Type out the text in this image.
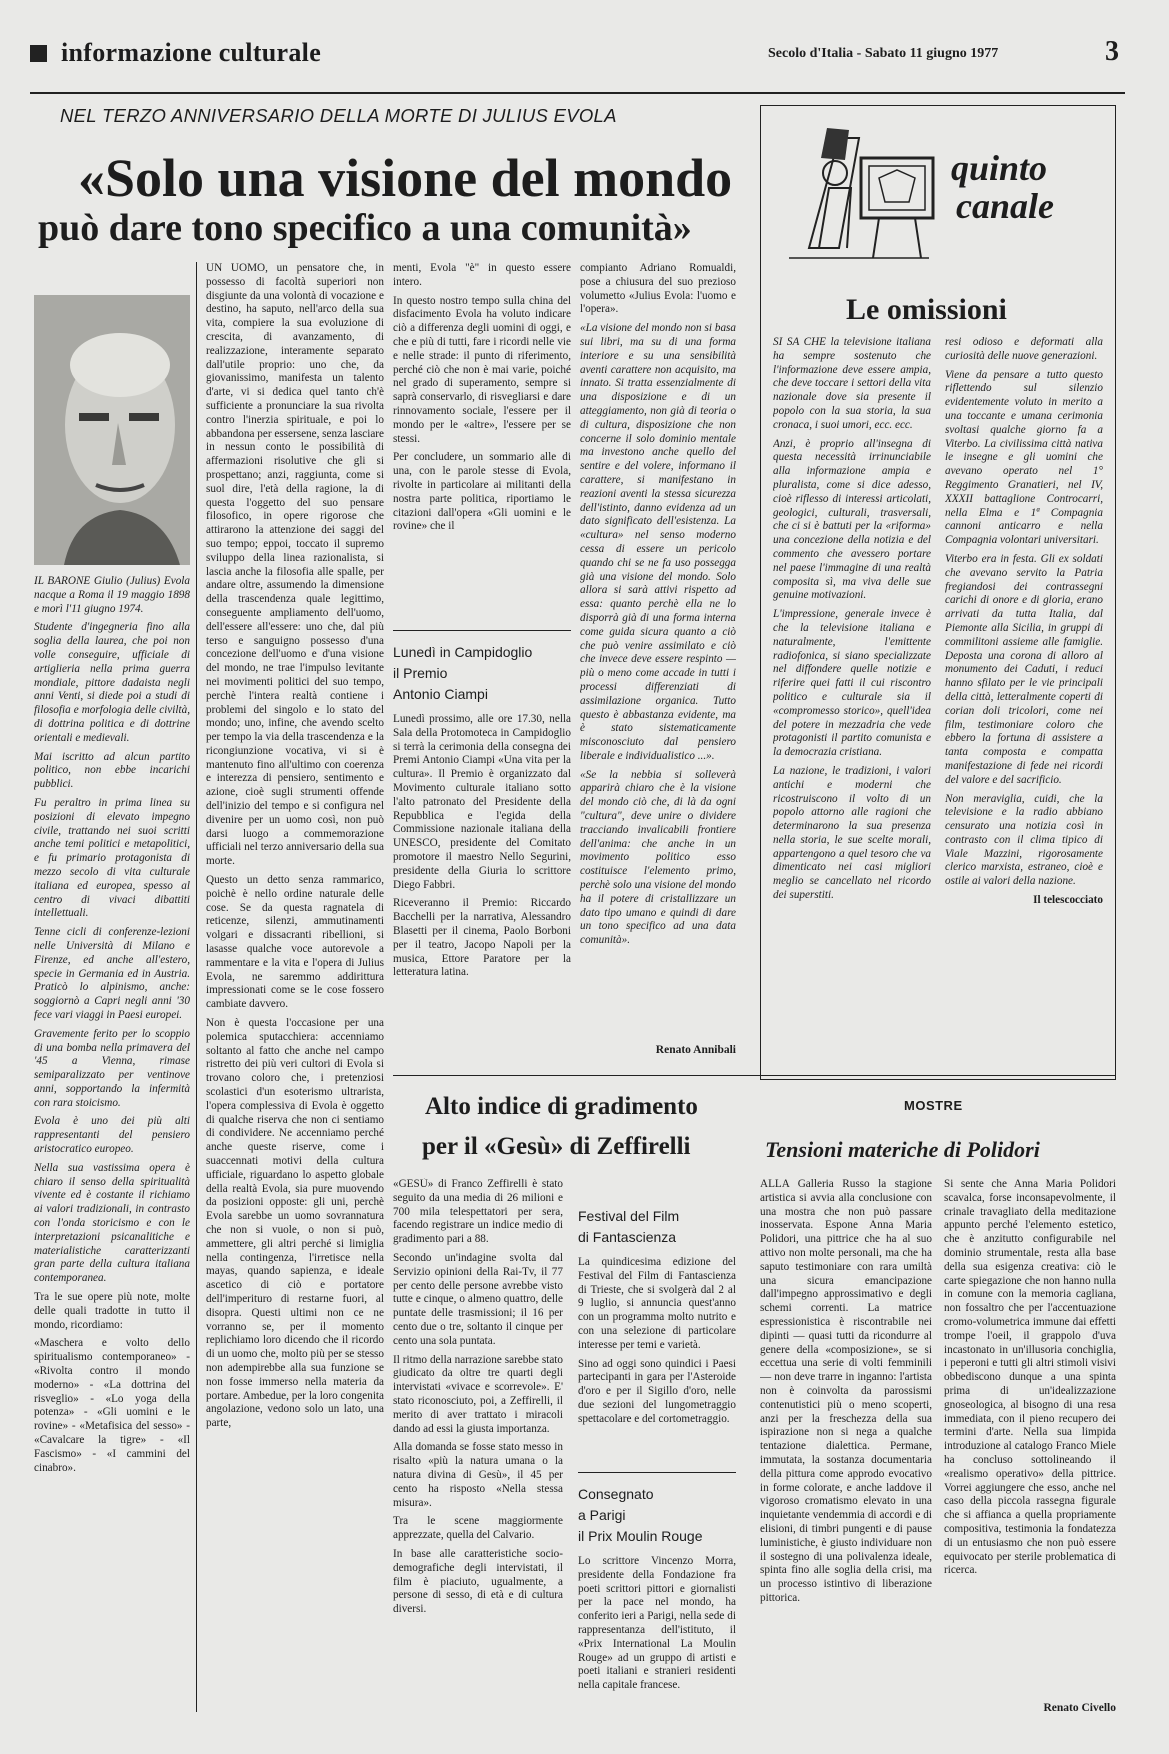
informazione culturale	Secolo d'Italia - Sabato 11 giugno 1977	3
NEL TERZO ANNIVERSARIO DELLA MORTE DI JULIUS EVOLA
«Solo una visione del mondo
può dare tono specifico a una comunità»

IL BARONE Giulio (Julius) Evola nacque a Roma il 19 maggio 1898 e morì l'11 giugno 1974.

Studente d'ingegneria fino alla soglia della laurea, che poi non volle conseguire, ufficiale di artiglieria nella prima guerra mondiale, pittore dadaista negli anni Venti, si diede poi a studi di filosofia e morfologia delle civiltà, di dottrina politica e di dottrine orientali e medievali.

Mai iscritto ad alcun partito politico, non ebbe incarichi pubblici.

Fu peraltro in prima linea su posizioni di elevato impegno civile, trattando nei suoi scritti anche temi politici e metapolitici, e fu primario protagonista di mezzo secolo di vita culturale italiana ed europea, spesso al centro di vivaci dibattiti intellettuali.

Tenne cicli di conferenze-lezioni nelle Università di Milano e Firenze, ed anche all'estero, specie in Germania ed in Austria. Praticò lo alpinismo, anche: soggiornò a Capri negli anni '30 fece vari viaggi in Paesi europei.

Gravemente ferito per lo scoppio di una bomba nella primavera del '45 a Vienna, rimase semiparalizzato per ventinove anni, sopportando la infermità con rara stoicismo.

Evola è uno dei più alti rappresentanti del pensiero aristocratico europeo.

Nella sua vastissima opera è chiaro il senso della spiritualità vivente ed è costante il richiamo ai valori tradizionali, in contrasto con l'onda storicismo e con le interpretazioni psicanalitiche e materialistiche caratterizzanti gran parte della cultura italiana contemporanea.

Tra le sue opere più note, molte delle quali tradotte in tutto il mondo, ricordiamo:

«Maschera e volto dello spiritualismo contemporaneo» - «Rivolta contro il mondo moderno» - «La dottrina del risveglio» - «Lo yoga della potenza» - «Gli uomini e le rovine» - «Metafisica del sesso» - «Cavalcare la tigre» - «Il Fascismo» - «I cammini del cinabro».

UN UOMO, un pensatore che, in possesso di facoltà superiori non disgiunte da una volontà di vocazione e destino, ha saputo, nell'arco della sua vita, compiere la sua evoluzione di crescita, di avanzamento, di realizzazione, interamente separato dall'utile proprio: uno che, da giovanissimo, manifesta un talento d'arte, vi si dedica quel tanto ch'è sufficiente a pronunciare la sua rivolta contro l'inerzia spirituale, e poi lo abbandona per essersene, senza lasciare in nessun conto le possibilità di affermazioni risolutive che gli si prospettano; anzi, raggiunta, come si suol dire, l'età della ragione, la di questa l'oggetto del suo pensare filosofico, in opere rigorose che attirarono la attenzione dei saggi del suo tempo; eppoi, toccato il supremo sviluppo della linea razionalista, si lascia anche la filosofia alle spalle, per andare oltre, assumendo la dimensione della trascendenza quale legittimo, conseguente ampliamento dell'uomo, dell'essere all'essere: uno che, dal più terso e sanguigno possesso d'una concezione dell'uomo e d'una visione del mondo, ne trae l'impulso levitante nei movimenti politici del suo tempo, perchè l'intera realtà contiene i problemi del singolo e lo stato del mondo; uno, infine, che avendo scelto per tempo la via della trascendenza e la ricongiunzione vocativa, vi si è mantenuto fino all'ultimo con coerenza e interezza di pensiero, sentimento e azione, cioè sugli strumenti offende dell'inizio del tempo e si configura nel divenire per un uomo così, non può darsi luogo a commemorazione ufficiali nel terzo anniversario della sua morte.

Questo un detto senza rammarico, poichè è nello ordine naturale delle cose. Se da questa ragnatela di reticenze, silenzi, ammutinamenti volgari e dissacranti ribellioni, si lasasse qualche voce autorevole a rammentare e la vita e l'opera di Julius Evola, ne saremmo addirittura impressionati come se le cose fossero cambiate davvero.

Non è questa l'occasione per una polemica sputacchiera: accenniamo soltanto al fatto che anche nel campo ristretto dei più veri cultori di Evola si trovano coloro che, i pretenziosi scolastici d'un esoterismo ultrarista, l'opera complessiva di Evola è oggetto di qualche riserva che non ci sentiamo di condividere. Ne accenniamo perché anche queste riserve, come i suaccennati motivi della cultura ufficiale, riguardano lo aspetto globale della realtà Evola, sia pure muovendo da posizioni opposte: gli uni, perchè Evola sarebbe un uomo sovrannatura che non si vuole, o non si può, ammettere, gli altri perché si limiglia nella contingenza, l'irretisce nella mayas, quando sapienza, e ideale ascetico di ciò e portatore dell'imperituro di restarne fuori, al disopra. Questi ultimi non ce ne vorranno se, per il momento replichiamo loro dicendo che il ricordo di un uomo che, molto più per se stesso non adempirebbe alla sua funzione se non fosse immerso nella materia da portare. Ambedue, per la loro congenita angolazione, vedono solo un lato, una parte,

menti, Evola "è" in questo essere intero.

In questo nostro tempo sulla china del disfacimento Evola ha voluto indicare ciò a differenza degli uomini di oggi, e che e più di tutti, fare i ricordi nelle vie e nelle strade: il punto di riferimento, perché ciò che non è mai varie, poiché nel grado di superamento, sempre si saprà conservarlo, di risvegliarsi e dare rinnovamento sociale, l'essere per il mondo per le «altre», l'essere per se stessi.

Per concludere, un sommario alle di una, con le parole stesse di Evola, rivolte in particolare ai militanti della nostra parte politica, riportiamo le citazioni dall'opera «Gli uomini e le rovine» che il

compianto Adriano Romualdi, pose a chiusura del suo prezioso volumetto «Julius Evola: l'uomo e l'opera».

«La visione del mondo non si basa sui libri, ma su di una forma interiore e su una sensibilità aventi carattere non acquisito, ma innato. Si tratta essenzialmente di una disposizione e di un atteggiamento, non già di teoria o di cultura, disposizione che non concerne il solo dominio mentale ma investono anche quello del sentire e del volere, informano il carattere, si manifestano in reazioni aventi la stessa sicurezza dell'istinto, danno evidenza ad un dato significato dell'esistenza. La «cultura» nel senso moderno cessa di essere un pericolo quando chi se ne fa uso possegga già una visione del mondo. Solo allora si sarà attivi rispetto ad essa: quanto perchè ella ne lo disporrà già di una forma interna come guida sicura quanto a ciò che può venire assimilato e ciò che invece deve essere respinto — più o meno come accade in tutti i processi differenziati di assimilazione organica. Tutto questo è abbastanza evidente, ma è stato sistematicamente misconosciuto dal pensiero liberale e individualistico ...».

«Se la nebbia si solleverà apparirà chiaro che è la visione del mondo ciò che, di là da ogni "cultura", deve unire o dividere tracciando invalicabili frontiere dell'anima: che anche in un movimento politico esso costituisce l'elemento primo, perchè solo una visione del mondo ha il potere di cristallizzare un dato tipo umano e quindi di dare un tono specifico ad una data comunità».

Renato Annibali
Lunedì in Campidoglio
il Premio
Antonio Ciampi

Lunedì prossimo, alle ore 17.30, nella Sala della Protomoteca in Campidoglio si terrà la cerimonia della consegna dei Premi Antonio Ciampi «Una vita per la cultura». Il Premio è organizzato dal Movimento culturale italiano sotto l'alto patronato del Presidente della Repubblica e l'egida della Commissione nazionale italiana della UNESCO, presidente del Comitato promotore il maestro Nello Segurini, presidente della Giuria lo scrittore Diego Fabbri.

Riceveranno il Premio: Riccardo Bacchelli per la narrativa, Alessandro Blasetti per il cinema, Paolo Borboni per il teatro, Jacopo Napoli per la musica, Ettore Paratore per la letteratura latina.

quinto
canale
Le omissioni

SI SA CHE la televisione italiana ha sempre sostenuto che l'informazione deve essere ampia, che deve toccare i settori della vita nazionale dove sia presente il popolo con la sua storia, la sua cronaca, i suoi umori, ecc. ecc.

Anzi, è proprio all'insegna di questa necessità irrinunciabile alla informazione ampia e pluralista, come si dice adesso, cioè riflesso di interessi articolati, geologici, culturali, trasversali, che ci si è battuti per la «riforma» una concezione della notizia e del commento che avessero portare nel paese l'immagine di una realtà composita sì, ma viva delle sue genuine motivazioni.

L'impressione, generale invece è che la televisione italiana e naturalmente, l'emittente radiofonica, si siano specializzate nel diffondere quelle notizie e riferire quei fatti il cui riscontro politico e culturale sia il «compromesso storico», quell'idea del potere in mezzadria che vede protagonisti il partito comunista e la democrazia cristiana.

La nazione, le tradizioni, i valori antichi e moderni che ricostruiscono il volto di un popolo attorno alle ragioni che determinarono la sua presenza nella storia, le sue scelte morali, appartengono a quel tesoro che va dimenticato nei casi migliori meglio se cancellato nel ricordo dei superstiti.

resi odioso e deformati alla curiosità delle nuove generazioni.

Viene da pensare a tutto questo riflettendo sul silenzio evidentemente voluto in merito a una toccante e umana cerimonia svoltasi qualche giorno fa a Viterbo. La civilissima città nativa le insegne e gli uomini che avevano operato nel 1° Reggimento Granatieri, nel IV, XXXII battaglione Controcarri, nella Elma e 1ª Compagnia cannoni anticarro e nella Compagnia volontari universitari.

Viterbo era in festa. Gli ex soldati che avevano servito la Patria fregiandosi dei contrassegni carichi di onore e di gloria, erano arrivati da tutta Italia, dal Piemonte alla Sicilia, in gruppi di commilitoni assieme alle famiglie. Deposta una corona di alloro al monumento dei Caduti, i reduci hanno sfilato per le vie principali della città, letteralmente coperti di corian doli tricolori, come nei film, testimoniare coloro che ebbero la fortuna di assistere a tanta composta e compatta manifestazione di fede nei ricordi del valore e del sacrificio.

Non meraviglia, cuidi, che la televisione e la radio abbiano censurato una notizia così in contrasto con il clima tipico di Viale Mazzini, rigorosamente clerico marxista, estraneo, cioè e ostile ai valori della nazione.

Il telescocciato

Alto indice di gradimento
per il «Gesù» di Zeffirelli

«GESÙ» di Franco Zeffirelli è stato seguito da una media di 26 milioni e 700 mila telespettatori per sera, facendo registrare un indice medio di gradimento pari a 88.

Secondo un'indagine svolta dal Servizio opinioni della Rai-Tv, il 77 per cento delle persone avrebbe visto tutte e cinque, o almeno quattro, delle puntate delle trasmissioni; il 16 per cento due o tre, soltanto il cinque per cento una sola puntata.

Il ritmo della narrazione sarebbe stato giudicato da oltre tre quarti degli intervistati «vivace e scorrevole». E' stato riconosciuto, poi, a Zeffirelli, il merito di aver trattato i miracoli dando ad essi la giusta importanza.

Alla domanda se fosse stato messo in risalto «più la natura umana o la natura divina di Gesù», il 45 per cento ha risposto «Nella stessa misura».

Tra le scene maggiormente apprezzate, quella del Calvario.

In base alle caratteristiche socio-demografiche degli intervistati, il film è piaciuto, ugualmente, a persone di sesso, di età e di cultura diversi.

Festival del Film
di Fantascienza

La quindicesima edizione del Festival del Film di Fantascienza di Trieste, che si svolgerà dal 2 al 9 luglio, si annuncia quest'anno con un programma molto nutrito e con una selezione di particolare interesse per temi e varietà.

Sino ad oggi sono quindici i Paesi partecipanti in gara per l'Asteroide d'oro e per il Sigillo d'oro, nelle due sezioni del lungometraggio spettacolare e del cortometraggio.

Consegnato
a Parigi
il Prix Moulin Rouge

Lo scrittore Vincenzo Morra, presidente della Fondazione fra poeti scrittori pittori e giornalisti per la pace nel mondo, ha conferito ieri a Parigi, nella sede di rappresentanza dell'istituto, il «Prix International La Moulin Rouge» ad un gruppo di artisti e poeti italiani e stranieri residenti nella capitale francese.

MOSTRE
Tensioni materiche di Polidori

ALLA Galleria Russo la stagione artistica si avvia alla conclusione con una mostra che non può passare inosservata. Espone Anna Maria Polidori, una pittrice che ha al suo attivo non molte personali, ma che ha saputo testimoniare con rara umiltà una sicura emancipazione dall'impegno approssimativo e degli schemi correnti. La matrice espressionistica è riscontrabile nei dipinti — quasi tutti da ricondurre al genere della «composizione», se si eccettua una serie di volti femminili — non deve trarre in inganno: l'artista non è coinvolta da parossismi contenutistici più o meno scoperti, anzi per la freschezza della sua ispirazione non si nega a qualche tentazione dialettica. Permane, immutata, la sostanza documentaria della pittura come approdo evocativo in forme colorate, e anche laddove il vigoroso cromatismo elevato in una inquietante vendemmia di accordi e di elisioni, di timbri pungenti e di pause luministiche, è giusto individuare non il sostegno di una polivalenza ideale, spinta fino alle soglia della crisi, ma un processo istintivo di liberazione pittorica.

Si sente che Anna Maria Polidori scavalca, forse inconsapevolmente, il crinale travagliato della meditazione appunto perché l'elemento estetico, che è anzitutto configurabile nel dominio strumentale, resta alla base della sua esigenza creativa: ciò le carte spiegazione che non hanno nulla in comune con la memoria cagliana, non fossaltro che per l'accentuazione cromo-volumetrica immune dai effetti trompe l'oeil, il grappolo d'uva incastonato in un'illusoria conchiglia, i peperoni e tutti gli altri stimoli visivi obbediscono dunque a una spinta prima di un'idealizzazione gnoseologica, al bisogno di una resa immediata, con il pieno recupero dei termini d'arte. Nella sua limpida introduzione al catalogo Franco Miele ha concluso sottolineando il «realismo operativo» della pittrice. Vorrei aggiungere che esso, anche nel caso della piccola rassegna figurale che si affianca a quella propriamente compositiva, testimonia la fondatezza di un entusiasmo che non può essere equivocato per sterile problematica di ricerca.

Renato Civello
